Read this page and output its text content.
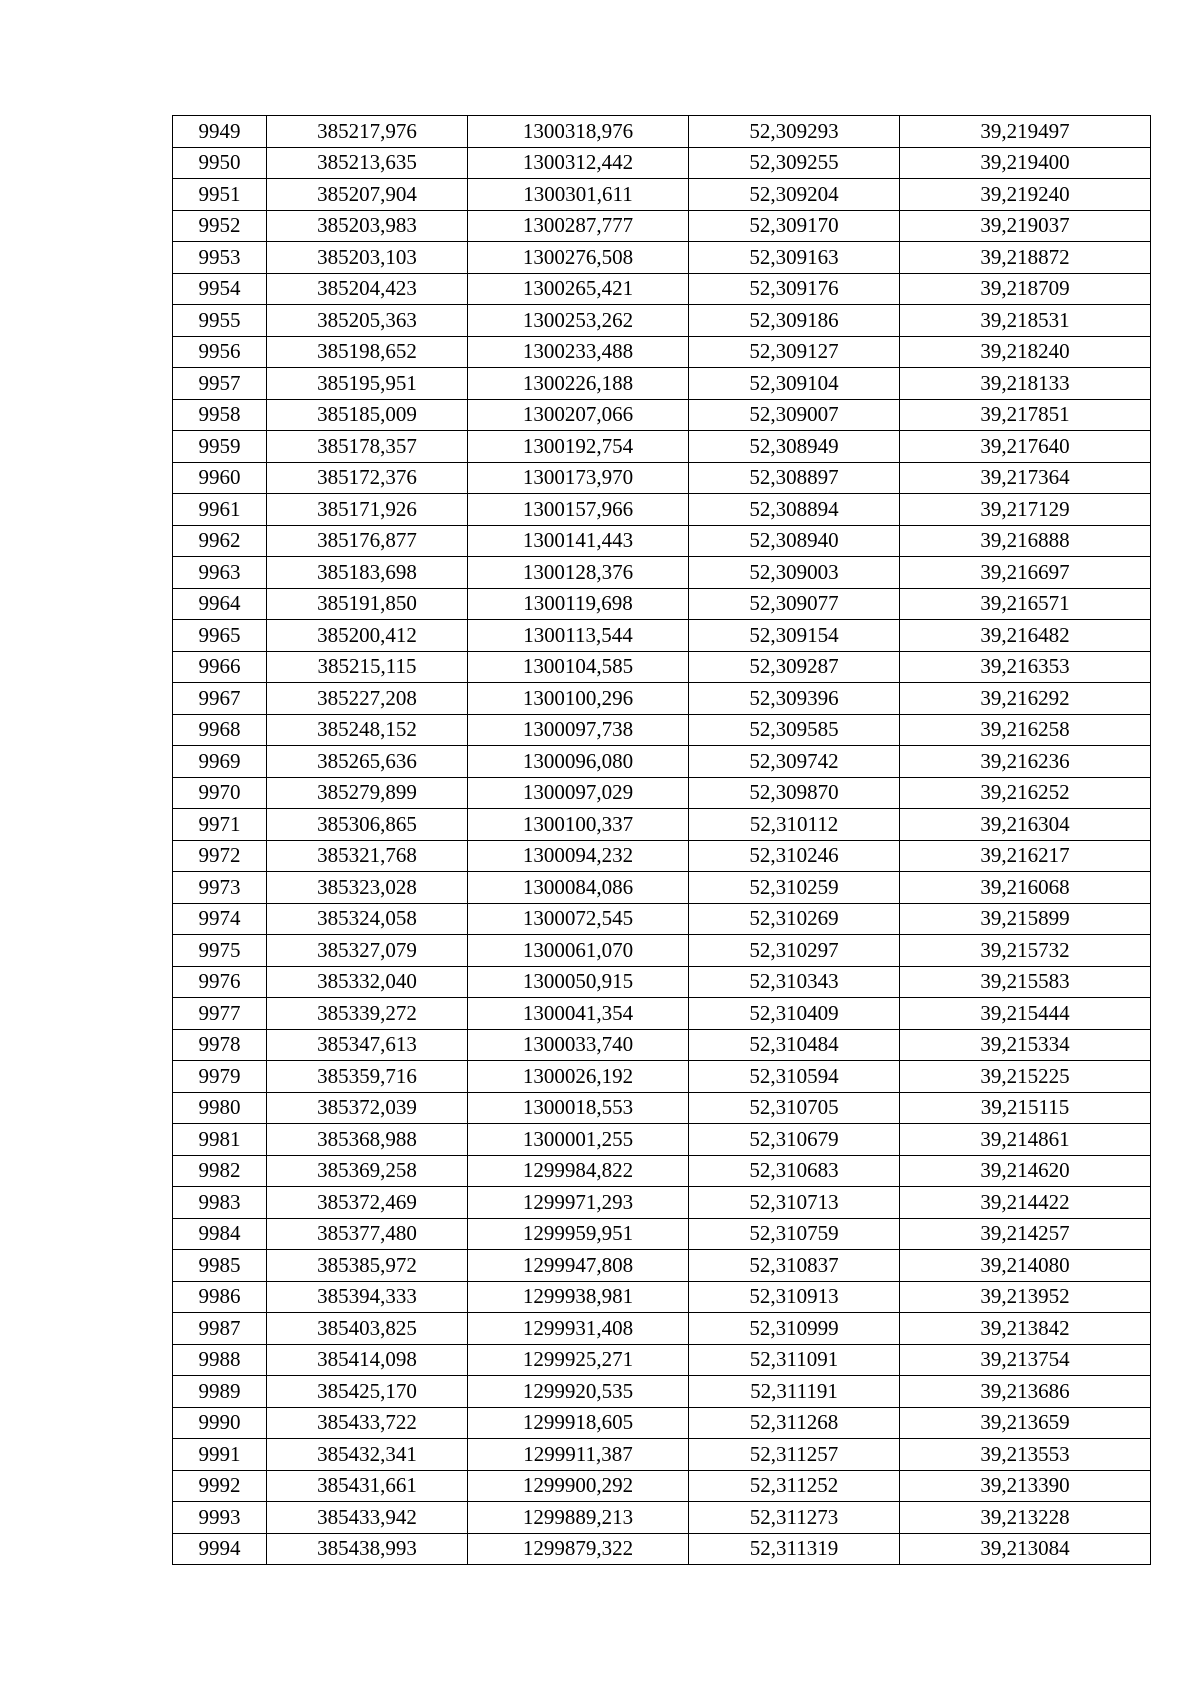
9949	385217,976	1300318,976	52,309293	39,219497
9950	385213,635	1300312,442	52,309255	39,219400
9951	385207,904	1300301,611	52,309204	39,219240
9952	385203,983	1300287,777	52,309170	39,219037
9953	385203,103	1300276,508	52,309163	39,218872
9954	385204,423	1300265,421	52,309176	39,218709
9955	385205,363	1300253,262	52,309186	39,218531
9956	385198,652	1300233,488	52,309127	39,218240
9957	385195,951	1300226,188	52,309104	39,218133
9958	385185,009	1300207,066	52,309007	39,217851
9959	385178,357	1300192,754	52,308949	39,217640
9960	385172,376	1300173,970	52,308897	39,217364
9961	385171,926	1300157,966	52,308894	39,217129
9962	385176,877	1300141,443	52,308940	39,216888
9963	385183,698	1300128,376	52,309003	39,216697
9964	385191,850	1300119,698	52,309077	39,216571
9965	385200,412	1300113,544	52,309154	39,216482
9966	385215,115	1300104,585	52,309287	39,216353
9967	385227,208	1300100,296	52,309396	39,216292
9968	385248,152	1300097,738	52,309585	39,216258
9969	385265,636	1300096,080	52,309742	39,216236
9970	385279,899	1300097,029	52,309870	39,216252
9971	385306,865	1300100,337	52,310112	39,216304
9972	385321,768	1300094,232	52,310246	39,216217
9973	385323,028	1300084,086	52,310259	39,216068
9974	385324,058	1300072,545	52,310269	39,215899
9975	385327,079	1300061,070	52,310297	39,215732
9976	385332,040	1300050,915	52,310343	39,215583
9977	385339,272	1300041,354	52,310409	39,215444
9978	385347,613	1300033,740	52,310484	39,215334
9979	385359,716	1300026,192	52,310594	39,215225
9980	385372,039	1300018,553	52,310705	39,215115
9981	385368,988	1300001,255	52,310679	39,214861
9982	385369,258	1299984,822	52,310683	39,214620
9983	385372,469	1299971,293	52,310713	39,214422
9984	385377,480	1299959,951	52,310759	39,214257
9985	385385,972	1299947,808	52,310837	39,214080
9986	385394,333	1299938,981	52,310913	39,213952
9987	385403,825	1299931,408	52,310999	39,213842
9988	385414,098	1299925,271	52,311091	39,213754
9989	385425,170	1299920,535	52,311191	39,213686
9990	385433,722	1299918,605	52,311268	39,213659
9991	385432,341	1299911,387	52,311257	39,213553
9992	385431,661	1299900,292	52,311252	39,213390
9993	385433,942	1299889,213	52,311273	39,213228
9994	385438,993	1299879,322	52,311319	39,213084
